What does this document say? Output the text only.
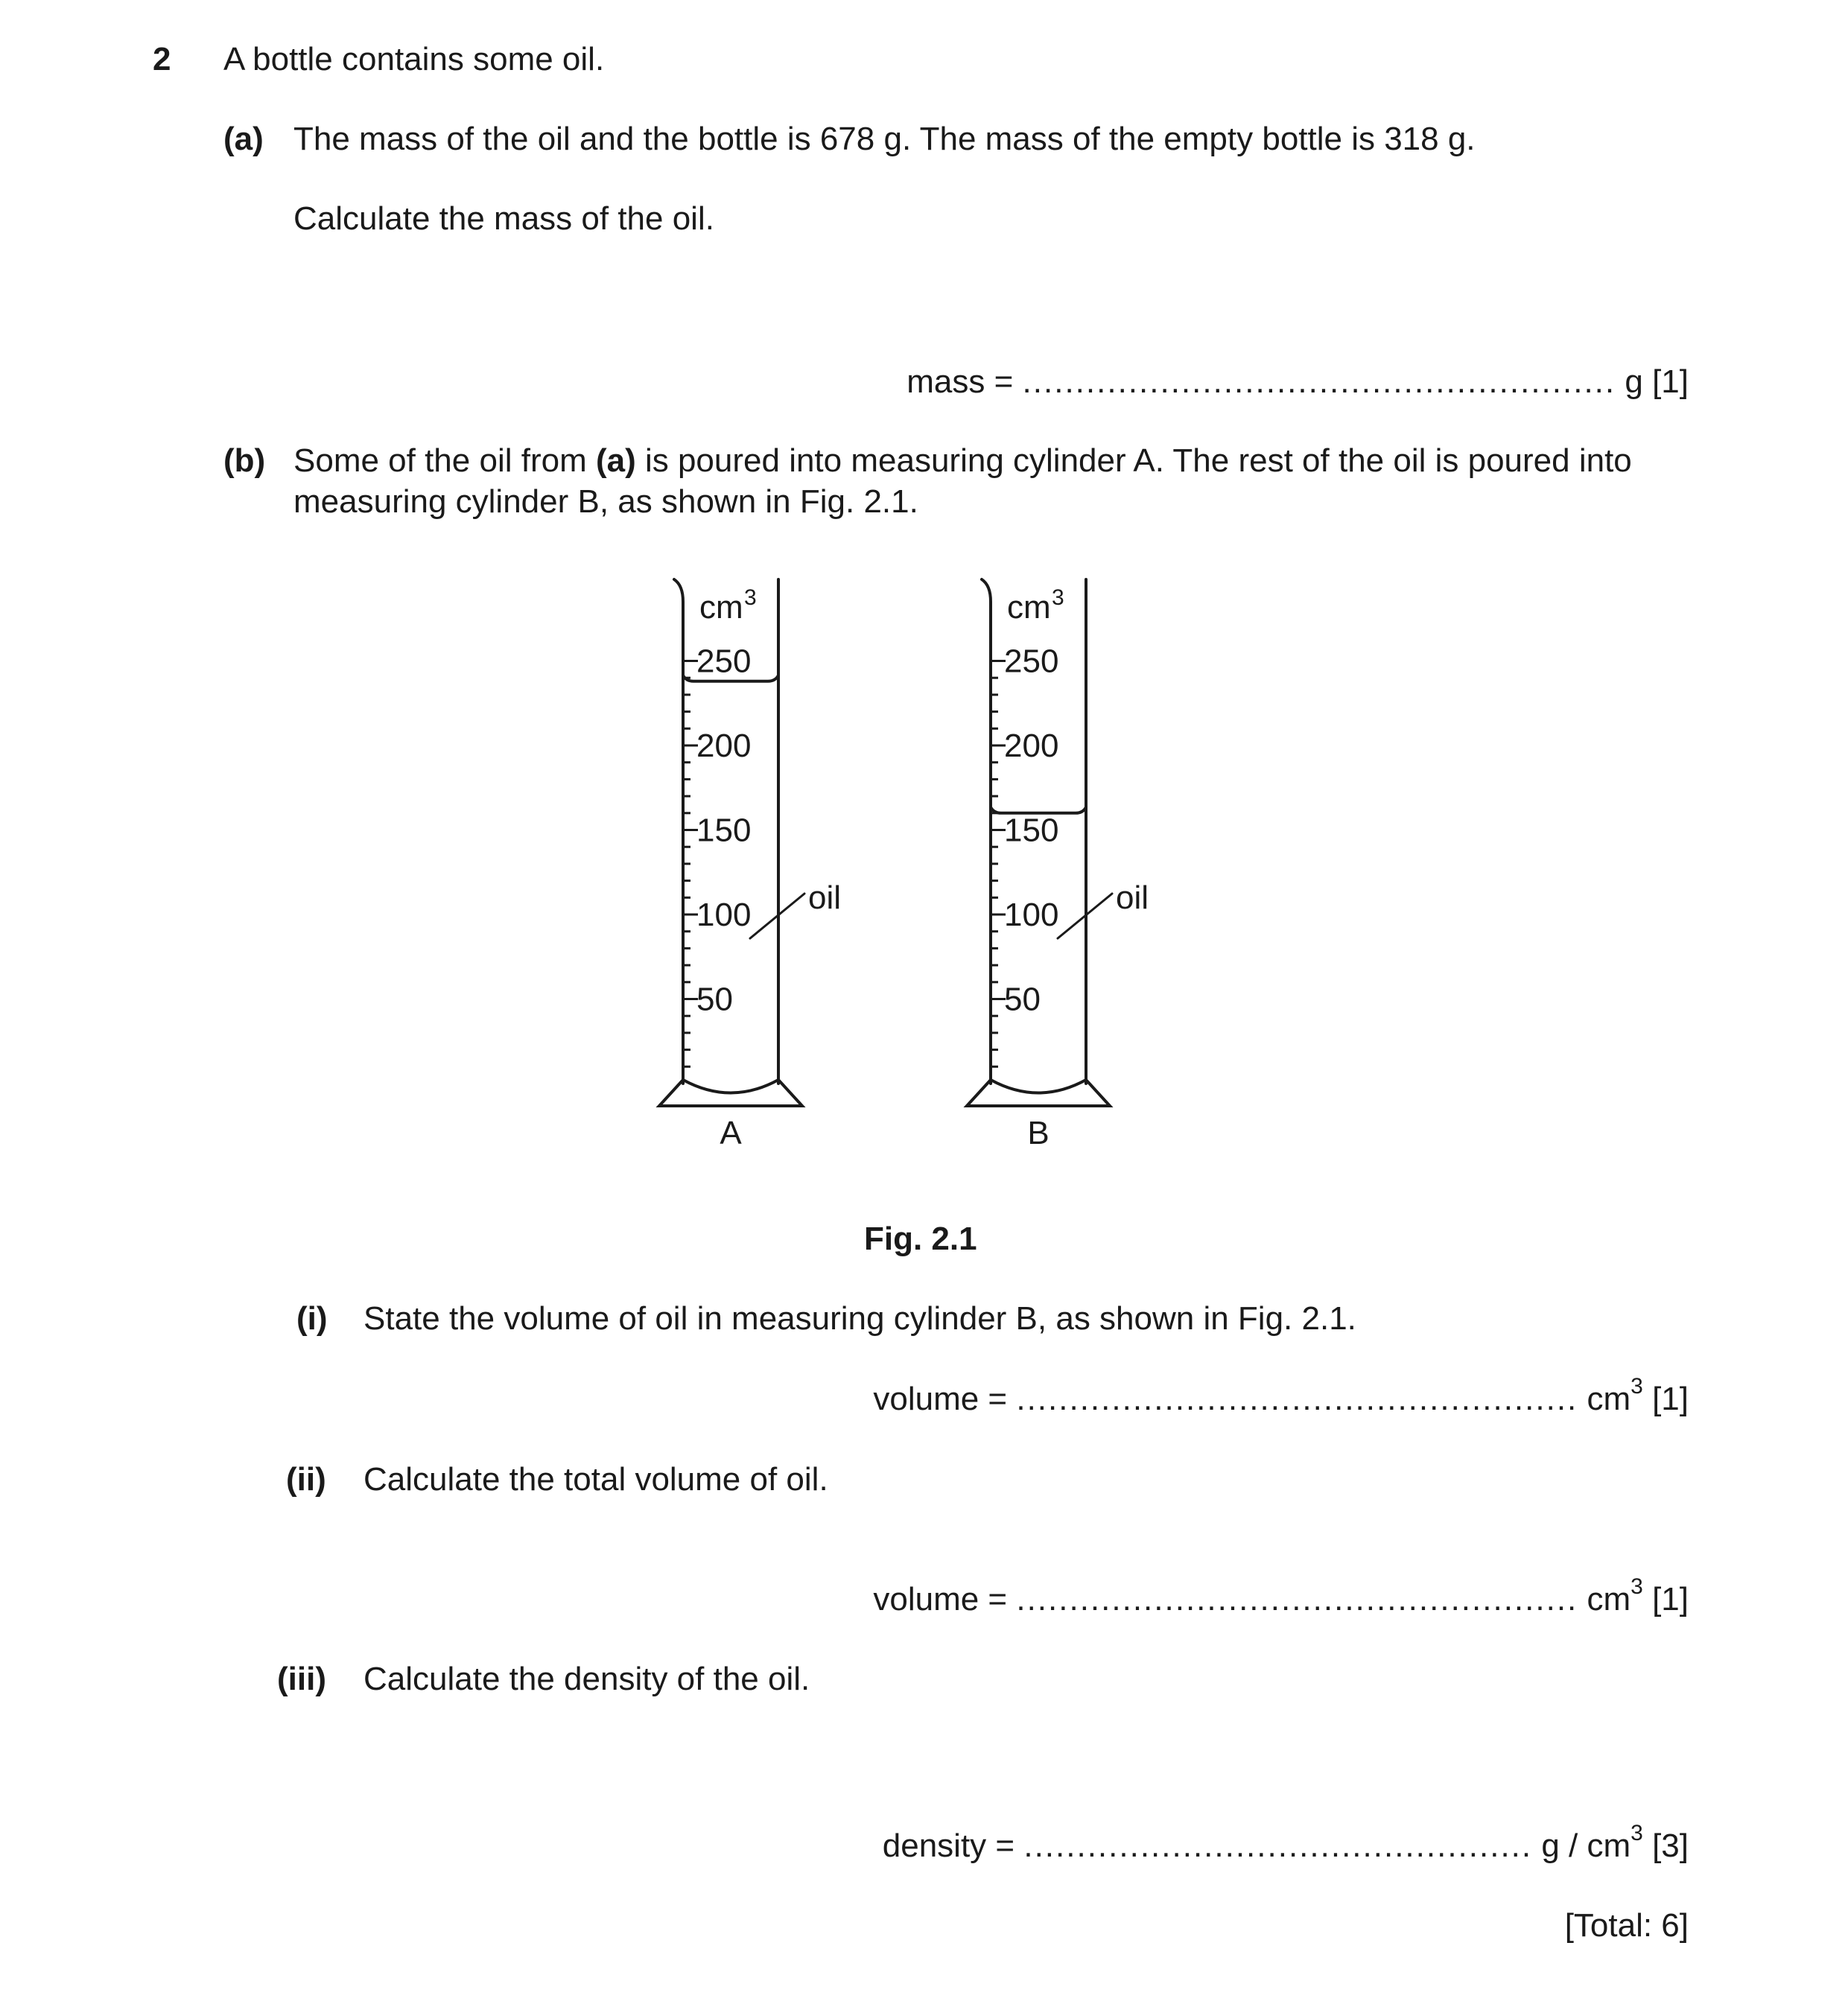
2 A bottle contains some oil.
(a) The mass of the oil and the bottle is 678 g. The mass of the empty bottle is 318 g.
Calculate the mass of the oil.
mass = ........................................................ g [1]
(b) Some of the oil from (a) is poured into measuring cylinder A. The rest of the oil is poured into
measuring cylinder B, as shown in Fig. 2.1.
250
200
150
100
50
cm 3
oil
A
250
200
150
100
50
cm 3
oil
B
Fig. 2.1
(i) State the volume of oil in measuring cylinder B, as shown in Fig. 2.1.
volume = ..................................................... $cm^3$ [1]
(ii) Calculate the total volume of oil.
volume = ..................................................... $cm^3$ [1]
(iii) Calculate the density of the oil.
density = ................................................ g / $cm^3$ [3]
[Total: 6]
